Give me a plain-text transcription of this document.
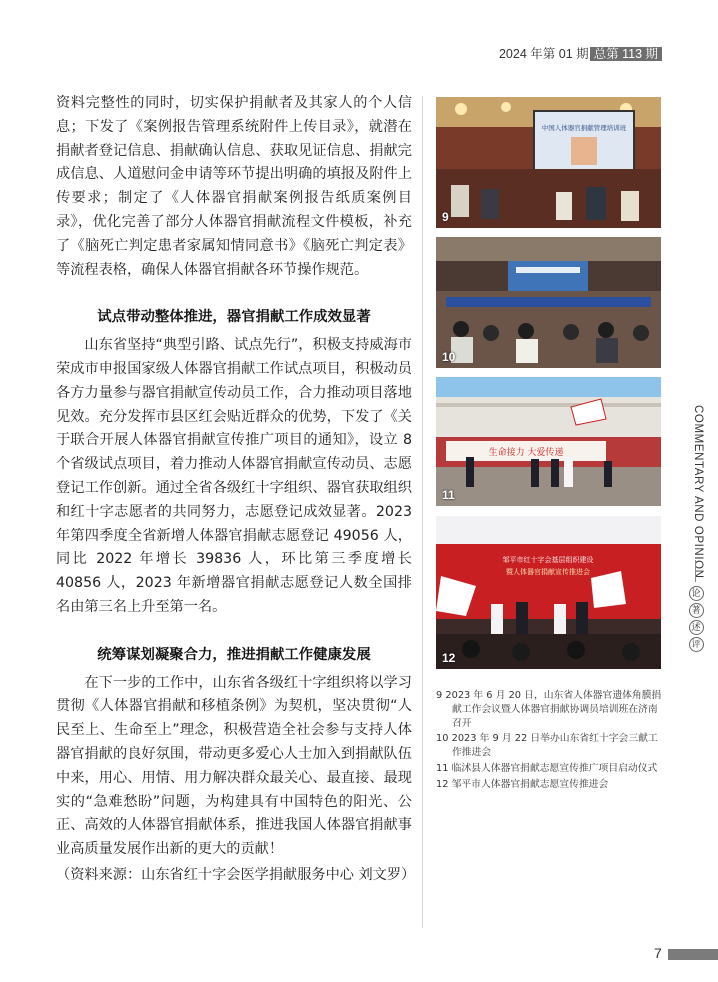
2024 年第 01 期 总第 113 期

资料完整性的同时，切实保护捐献者及其家人的个人信息；下发了《案例报告管理系统附件上传目录》，就潜在捐献者登记信息、捐献确认信息、获取见证信息、捐献完成信息、人道慰问金申请等环节提出明确的填报及附件上传要求；制定了《人体器官捐献案例报告纸质案例目录》，优化完善了部分人体器官捐献流程文件模板，补充了《脑死亡判定患者家属知情同意书》《脑死亡判定表》等流程表格，确保人体器官捐献各环节操作规范。

试点带动整体推进，器官捐献工作成效显著

山东省坚持“典型引路、试点先行”，积极支持威海市荣成市申报国家级人体器官捐献工作试点项目，积极动员各方力量参与器官捐献宣传动员工作，合力推动项目落地见效。充分发挥市县区红会贴近群众的优势，下发了《关于联合开展人体器官捐献宣传推广项目的通知》，设立 8 个省级试点项目，着力推动人体器官捐献宣传动员、志愿登记工作创新。通过全省各级红十字组织、器官获取组织和红十字志愿者的共同努力，志愿登记成效显著。2023 年第四季度全省新增人体器官捐献志愿登记 49056 人，同比 2022 年增长 39836 人，环比第三季度增长 40856 人，2023 年新增器官捐献志愿登记人数全国排名由第三名上升至第一名。

统筹谋划凝聚合力，推进捐献工作健康发展

在下一步的工作中，山东省各级红十字组织将以学习贯彻《人体器官捐献和移植条例》为契机，坚决贯彻“人民至上、生命至上”理念，积极营造全社会参与支持人体器官捐献的良好氛围，带动更多爱心人士加入到捐献队伍中来，用心、用情、用力解决群众最关心、最直接、最现实的“急难愁盼”问题，为构建具有中国特色的阳光、公正、高效的人体器官捐献体系，推进我国人体器官捐献事业高质量发展作出新的更大的贡献！

（资料来源：山东省红十字会医学捐献服务中心 刘文罗）

中国人体器官捐献管理培训班
9
10
生命接力 大爱传递
11
邹平市红十字会基层组织建设
暨人体器官捐献宣传推进会
12

9 2023 年 6 月 20 日，山东省人体器官遗体角膜捐献工作会议暨人体器官捐献协调员培训班在济南召开

10 2023 年 9 月 22 日举办山东省红十字会三献工作推进会

11 临沭县人体器官捐献志愿宣传推广项目启动仪式

12 邹平市人体器官捐献志愿宣传推进会

COMMENTARY AND OPINION
论
著
述
评
7
